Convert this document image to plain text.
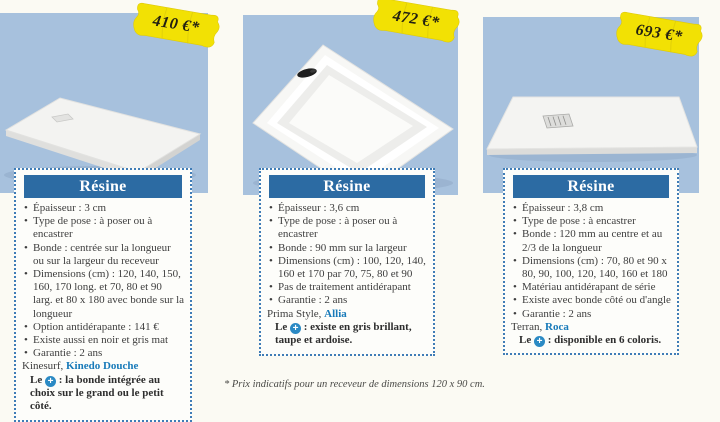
410 €*
Résine
• Épaisseur : 3 cm
• Type de pose : à poser ou à encastrer
• Bonde : centrée sur la longueur ou sur la largeur du receveur
• Dimensions (cm) : 120, 140, 150, 160, 170 long. et 70, 80 et 90 larg. et 80 x 180 avec bonde sur la longueur
• Option antidérapante : 141 €
• Existe aussi en noir et gris mat
• Garantie : 2 ans

Kinesurf, Kinedo Douche

Le + : la bonde intégrée au choix sur le grand ou le petit côté.

472 €*
Résine
• Épaisseur : 3,6 cm
• Type de pose : à poser ou à encastrer
• Bonde : 90 mm sur la largeur
• Dimensions (cm) : 100, 120, 140, 160 et 170 par 70, 75, 80 et 90
• Pas de traitement antidérapant
• Garantie : 2 ans

Prima Style, Allia

Le + : existe en gris brillant, taupe et ardoise.

693 €*
Résine
• Épaisseur : 3,8 cm
• Type de pose : à encastrer
• Bonde : 120 mm au centre et au 2/3 de la longueur
• Dimensions (cm) : 70, 80 et 90 x 80, 90, 100, 120, 140, 160 et 180
• Matériau antidérapant de série
• Existe avec bonde côté ou d'angle
• Garantie : 2 ans

Terran, Roca

Le + : disponible en 6 coloris.

* Prix indicatifs pour un receveur de dimensions 120 x 90 cm.
